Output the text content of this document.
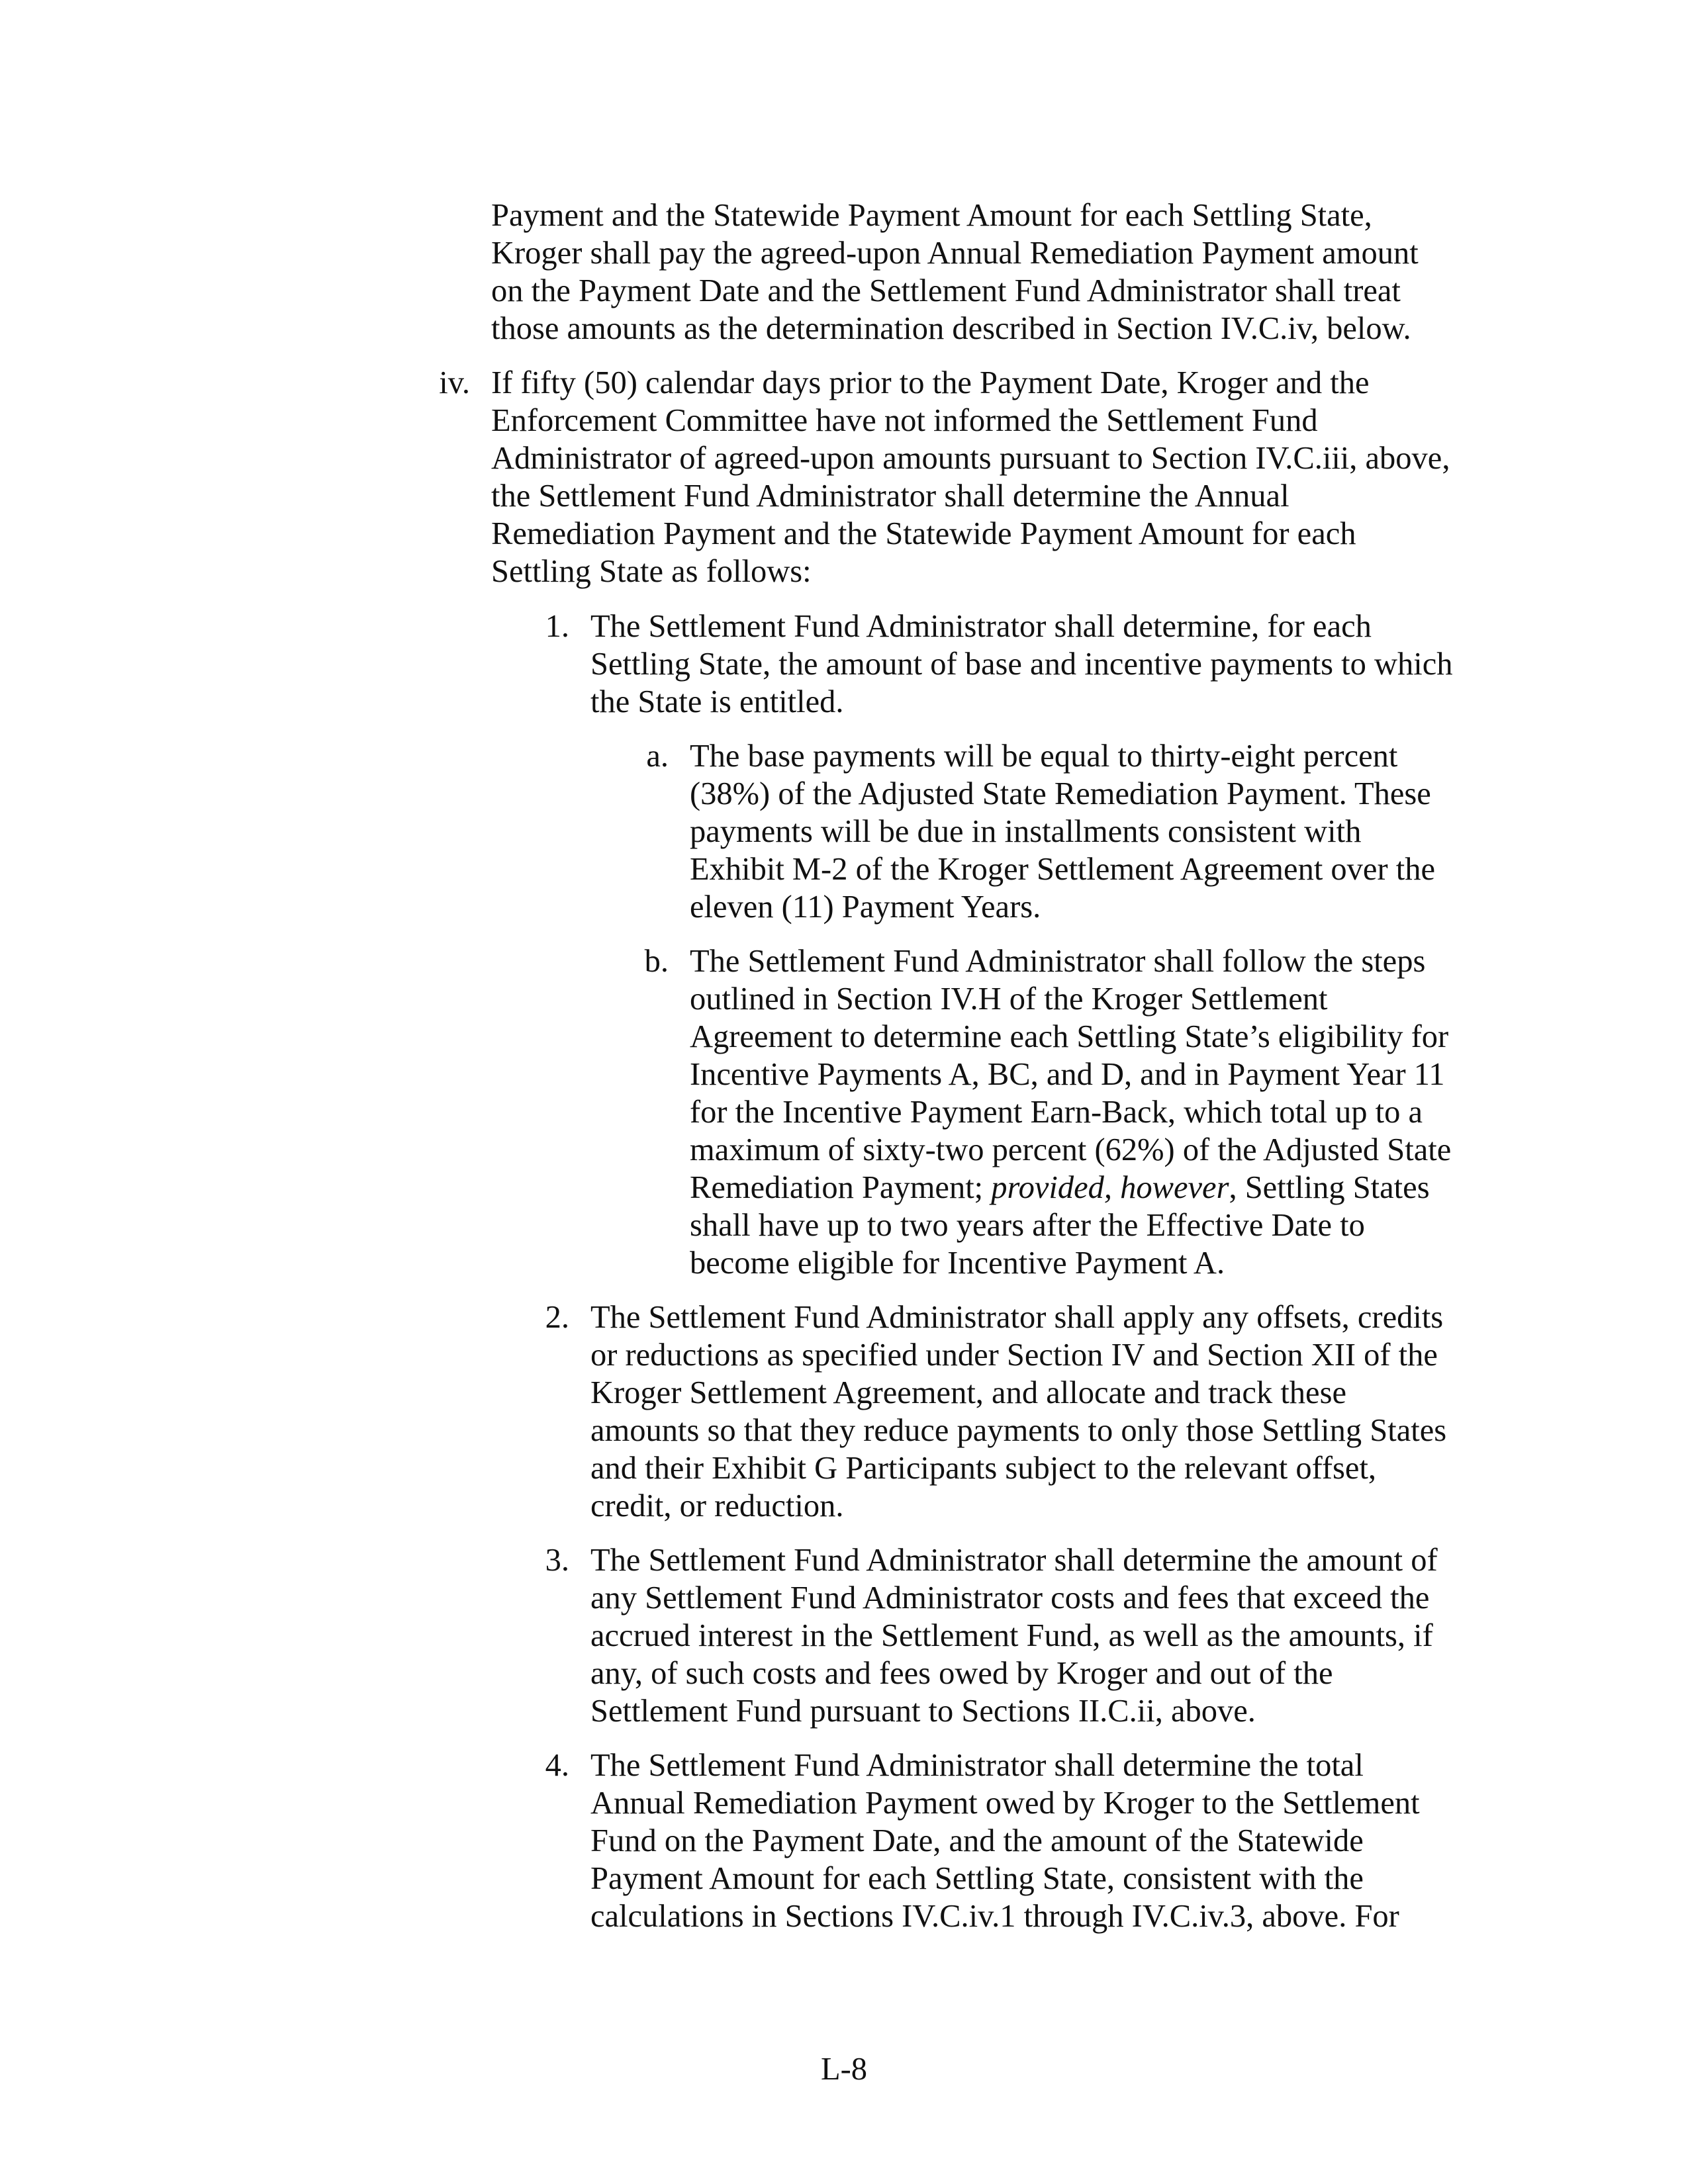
Payment and the Statewide Payment Amount for each Settling State,
Kroger shall pay the agreed-upon Annual Remediation Payment amount
on the Payment Date and the Settlement Fund Administrator shall treat
those amounts as the determination described in Section IV.C.iv, below.
iv. If fifty (50) calendar days prior to the Payment Date, Kroger and the
Enforcement Committee have not informed the Settlement Fund
Administrator of agreed-upon amounts pursuant to Section IV.C.iii, above,
the Settlement Fund Administrator shall determine the Annual
Remediation Payment and the Statewide Payment Amount for each
Settling State as follows:
1. The Settlement Fund Administrator shall determine, for each
Settling State, the amount of base and incentive payments to which
the State is entitled.
a. The base payments will be equal to thirty-eight percent
(38%) of the Adjusted State Remediation Payment. These
payments will be due in installments consistent with
Exhibit M-2 of the Kroger Settlement Agreement over the
eleven (11) Payment Years.
b. The Settlement Fund Administrator shall follow the steps
outlined in Section IV.H of the Kroger Settlement
Agreement to determine each Settling State’s eligibility for
Incentive Payments A, BC, and D, and in Payment Year 11
for the Incentive Payment Earn-Back, which total up to a
maximum of sixty-two percent (62%) of the Adjusted State
Remediation Payment; provided, however, Settling States
shall have up to two years after the Effective Date to
become eligible for Incentive Payment A.
2. The Settlement Fund Administrator shall apply any offsets, credits
or reductions as specified under Section IV and Section XII of the
Kroger Settlement Agreement, and allocate and track these
amounts so that they reduce payments to only those Settling States
and their Exhibit G Participants subject to the relevant offset,
credit, or reduction.
3. The Settlement Fund Administrator shall determine the amount of
any Settlement Fund Administrator costs and fees that exceed the
accrued interest in the Settlement Fund, as well as the amounts, if
any, of such costs and fees owed by Kroger and out of the
Settlement Fund pursuant to Sections II.C.ii, above.
4. The Settlement Fund Administrator shall determine the total
Annual Remediation Payment owed by Kroger to the Settlement
Fund on the Payment Date, and the amount of the Statewide
Payment Amount for each Settling State, consistent with the
calculations in Sections IV.C.iv.1 through IV.C.iv.3, above. For
L-8
